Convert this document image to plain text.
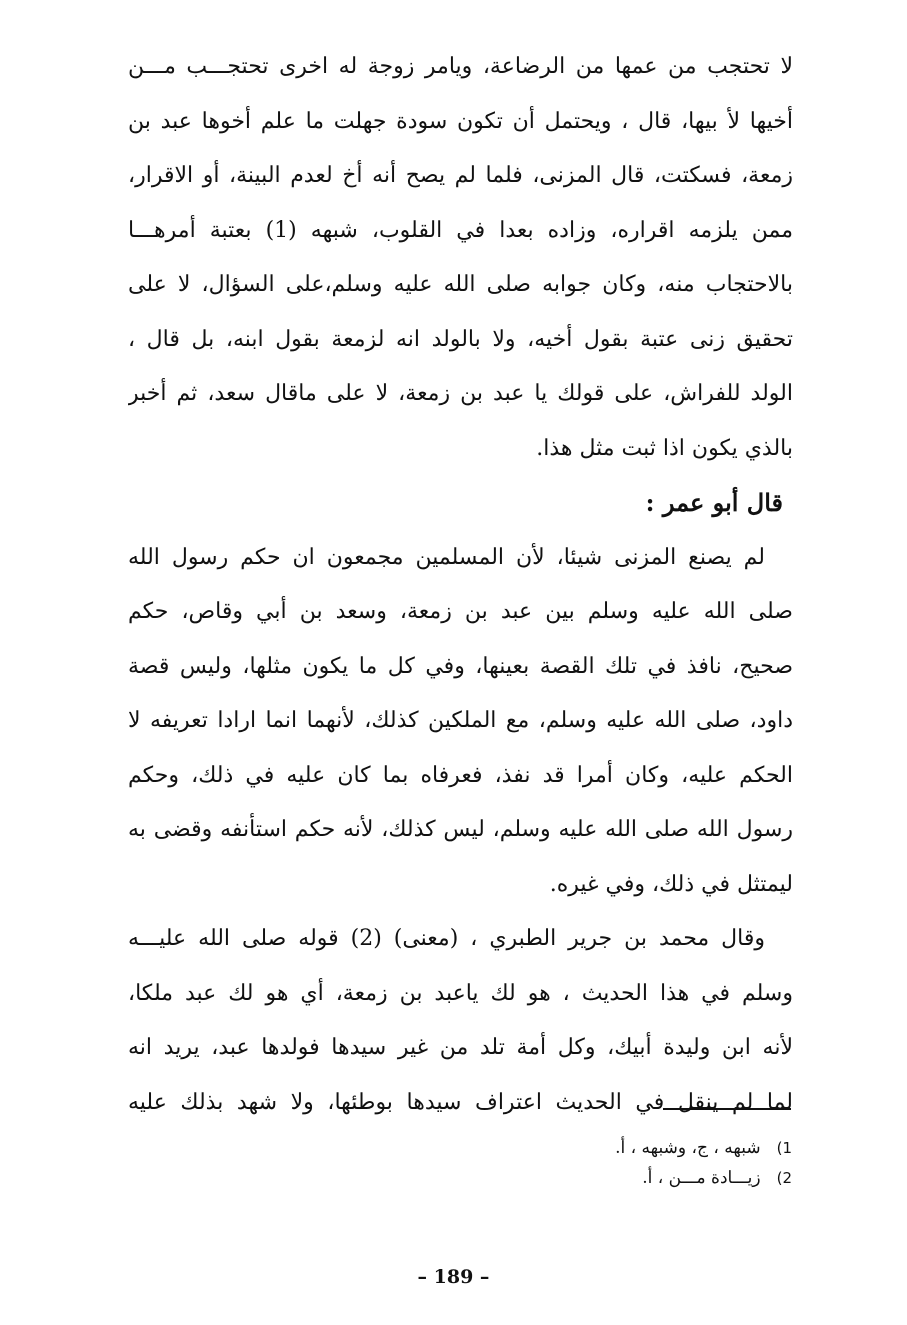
لا تحتجب من عمها من الرضاعة، ويامر زوجة له اخرى تحتجـــب مـــن
أخيها لأ بيها، قال ، ويحتمل أن تكون سودة جهلت ما علم أخوها عبد بن
زمعة، فسكتت، قال المزنى، فلما لم يصح أنه أخ لعدم البينة، أو الاقرار،
ممن يلزمه اقراره، وزاده بعدا في القلوب، شبهه (1) بعتبة أمرهـــا
بالاحتجاب منه، وكان جوابه صلى الله عليه وسلم،على السؤال، لا على
تحقيق زنى عتبة بقول أخيه، ولا بالولد انه لزمعة بقول ابنه، بل قال ،
الولد للفراش، على قولك يا عبد بن زمعة، لا على ماقال سعد، ثم أخبر
بالذي يكون اذا ثبت مثل هذا.
قال أبو عمر :
لم يصنع المزنى شيئا، لأن المسلمين مجمعون ان حكم رسول الله
صلى الله عليه وسلم بين عبد بن زمعة، وسعد بن أبي وقاص، حكم
صحيح، نافذ في تلك القصة بعينها، وفي كل ما يكون مثلها، وليس قصة
داود، صلى الله عليه وسلم، مع الملكين كذلك، لأنهما انما ارادا تعريفه لا
الحكم عليه، وكان أمرا قد نفذ، فعرفاه بما كان عليه في ذلك، وحكم
رسول الله صلى الله عليه وسلم، ليس كذلك، لأنه حكم استأنفه وقضى به
ليمتثل في ذلك، وفي غيره.
وقال محمد بن جرير الطبري ، (معنى) (2) قوله صلى الله عليـــه
وسلم في هذا الحديث ، هو لك ياعبد بن زمعة، أي هو لك عبد ملكا،
لأنه ابن وليدة أبيك، وكل أمة تلد من غير سيدها فولدها عبد، يريد انه
لما لم ينقل في الحديث اعتراف سيدها بوطئها، ولا شهد بذلك عليه
1) شبهه ، ج، وشبهه ، أ.
2) زيـــادة مـــن ، أ.
– 189 –
